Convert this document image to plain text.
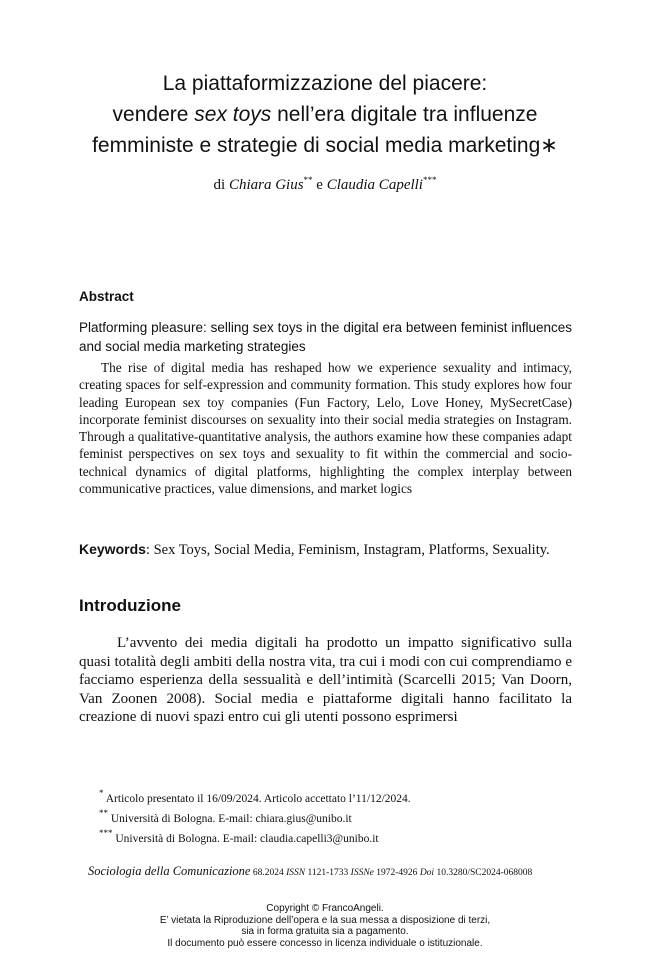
La piattaformizzazione del piacere:
vendere sex toys nell’era digitale tra influenze
femministe e strategie di social media marketing∗
di Chiara Gius** e Claudia Capelli***
Abstract
Platforming pleasure: selling sex toys in the digital era between feminist influences and social media marketing strategies
The rise of digital media has reshaped how we experience sexuality and intimacy, creating spaces for self-expression and community formation. This study explores how four leading European sex toy companies (Fun Factory, Lelo, Love Honey, MySecretCase) incorporate feminist discourses on sexuality into their social media strategies on Instagram. Through a qualitative-quantitative analysis, the authors examine how these companies adapt feminist perspectives on sex toys and sexuality to fit within the commercial and socio-technical dynamics of digital platforms, highlighting the complex interplay between communicative practices, value dimensions, and market logics
Keywords: Sex Toys, Social Media, Feminism, Instagram, Platforms, Sexuality.
Introduzione
L’avvento dei media digitali ha prodotto un impatto significativo sulla quasi totalità degli ambiti della nostra vita, tra cui i modi con cui comprendiamo e facciamo esperienza della sessualità e dell’intimità (Scarcelli 2015; Van Doorn, Van Zoonen 2008). Social media e piattaforme digitali hanno facilitato la creazione di nuovi spazi entro cui gli utenti possono esprimersi
* Articolo presentato il 16/09/2024. Articolo accettato l’11/12/2024.
** Università di Bologna. E-mail: chiara.gius@unibo.it
*** Università di Bologna. E-mail: claudia.capelli3@unibo.it
Sociologia della Comunicazione 68.2024 ISSN 1121-1733 ISSNe 1972-4926 Doi 10.3280/SC2024-068008
Copyright © FrancoAngeli.
E’ vietata la Riproduzione dell’opera e la sua messa a disposizione di terzi,
sia in forma gratuita sia a pagamento.
Il documento può essere concesso in licenza individuale o istituzionale.
